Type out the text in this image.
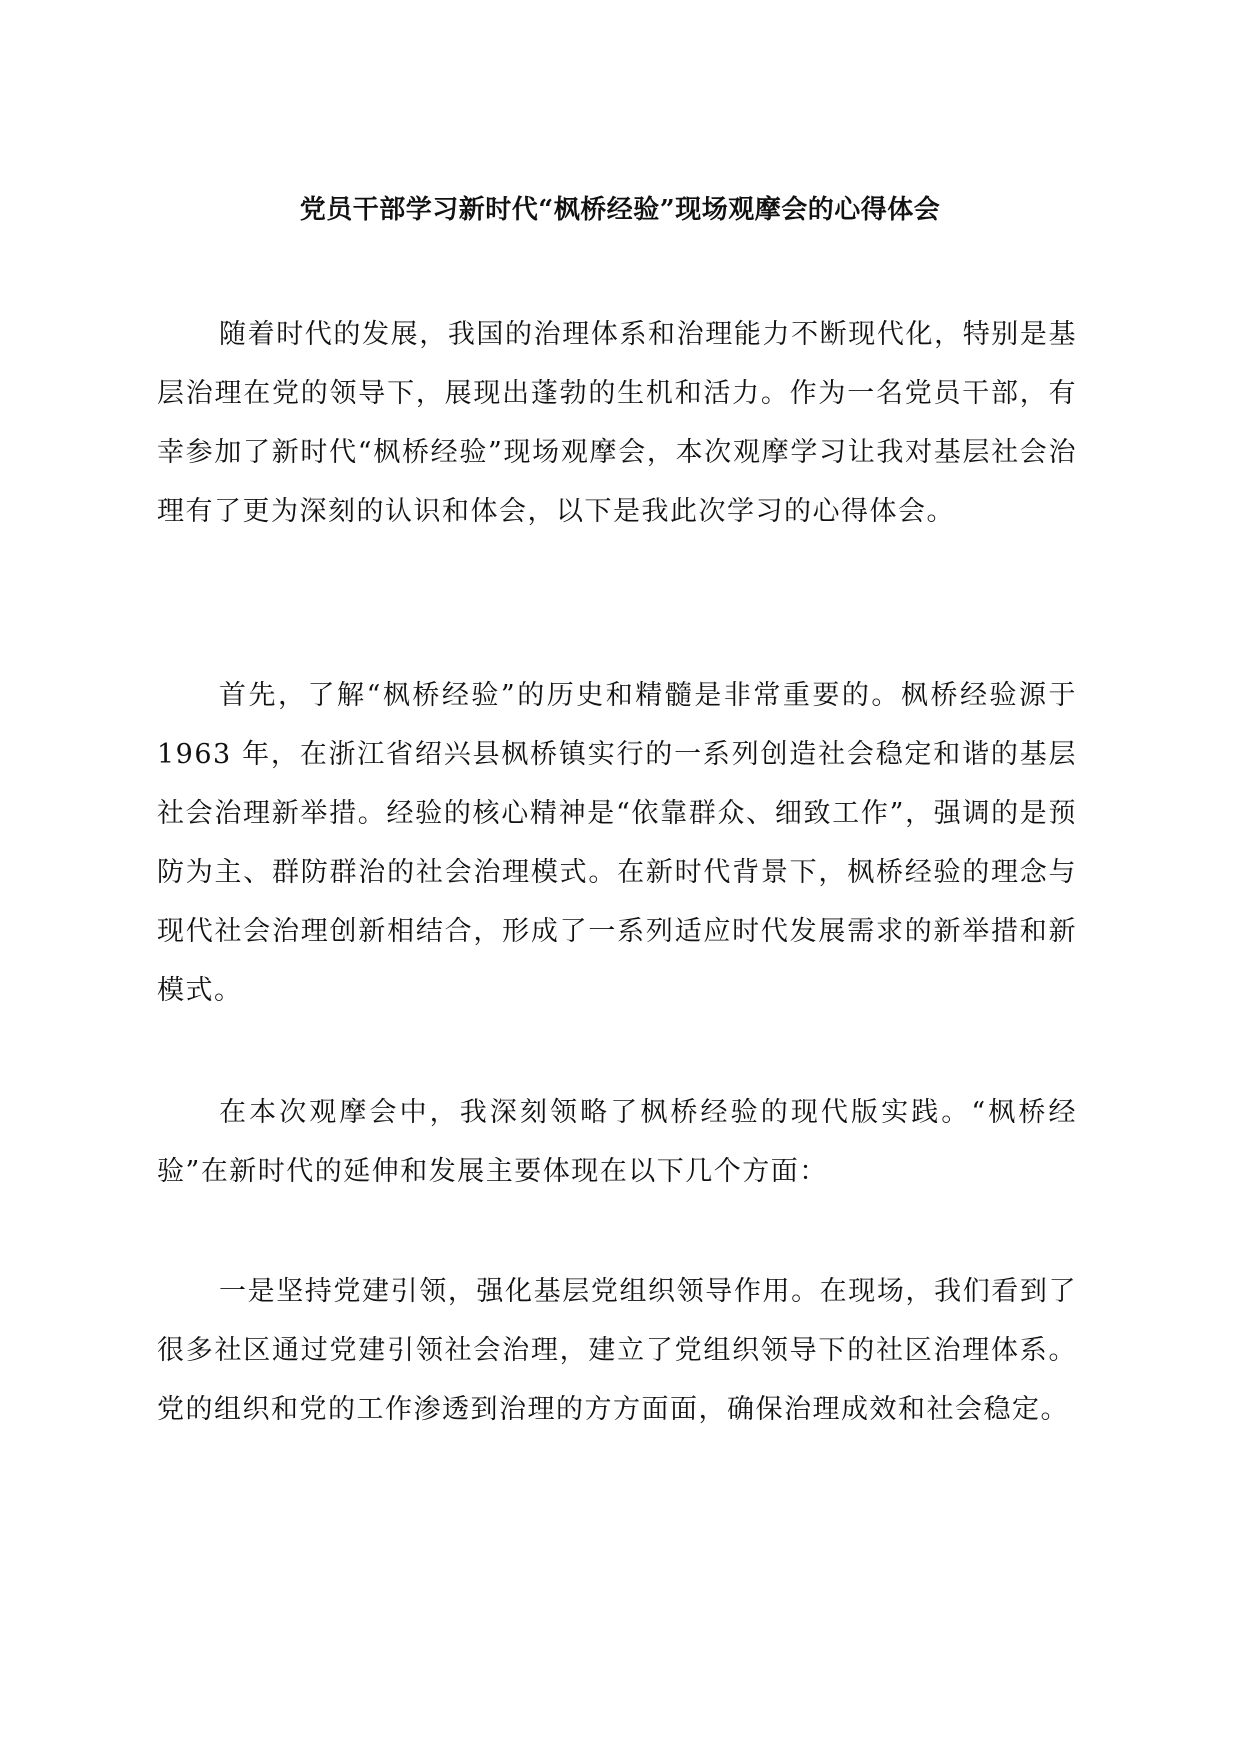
党员干部学习新时代“枫桥经验”现场观摩会的心得体会

随着时代的发展，我国的治理体系和治理能力不断现代化，特别是基层治理在党的领导下，展现出蓬勃的生机和活力。作为一名党员干部，有幸参加了新时代“枫桥经验”现场观摩会，本次观摩学习让我对基层社会治理有了更为深刻的认识和体会，以下是我此次学习的心得体会。

首先，了解“枫桥经验”的历史和精髓是非常重要的。枫桥经验源于 1963 年，在浙江省绍兴县枫桥镇实行的一系列创造社会稳定和谐的基层社会治理新举措。经验的核心精神是“依靠群众、细致工作”，强调的是预防为主、群防群治的社会治理模式。在新时代背景下，枫桥经验的理念与现代社会治理创新相结合，形成了一系列适应时代发展需求的新举措和新模式。

在本次观摩会中，我深刻领略了枫桥经验的现代版实践。“枫桥经验”在新时代的延伸和发展主要体现在以下几个方面：

一是坚持党建引领，强化基层党组织领导作用。在现场，我们看到了很多社区通过党建引领社会治理，建立了党组织领导下的社区治理体系。党的组织和党的工作渗透到治理的方方面面，确保治理成效和社会稳定。
